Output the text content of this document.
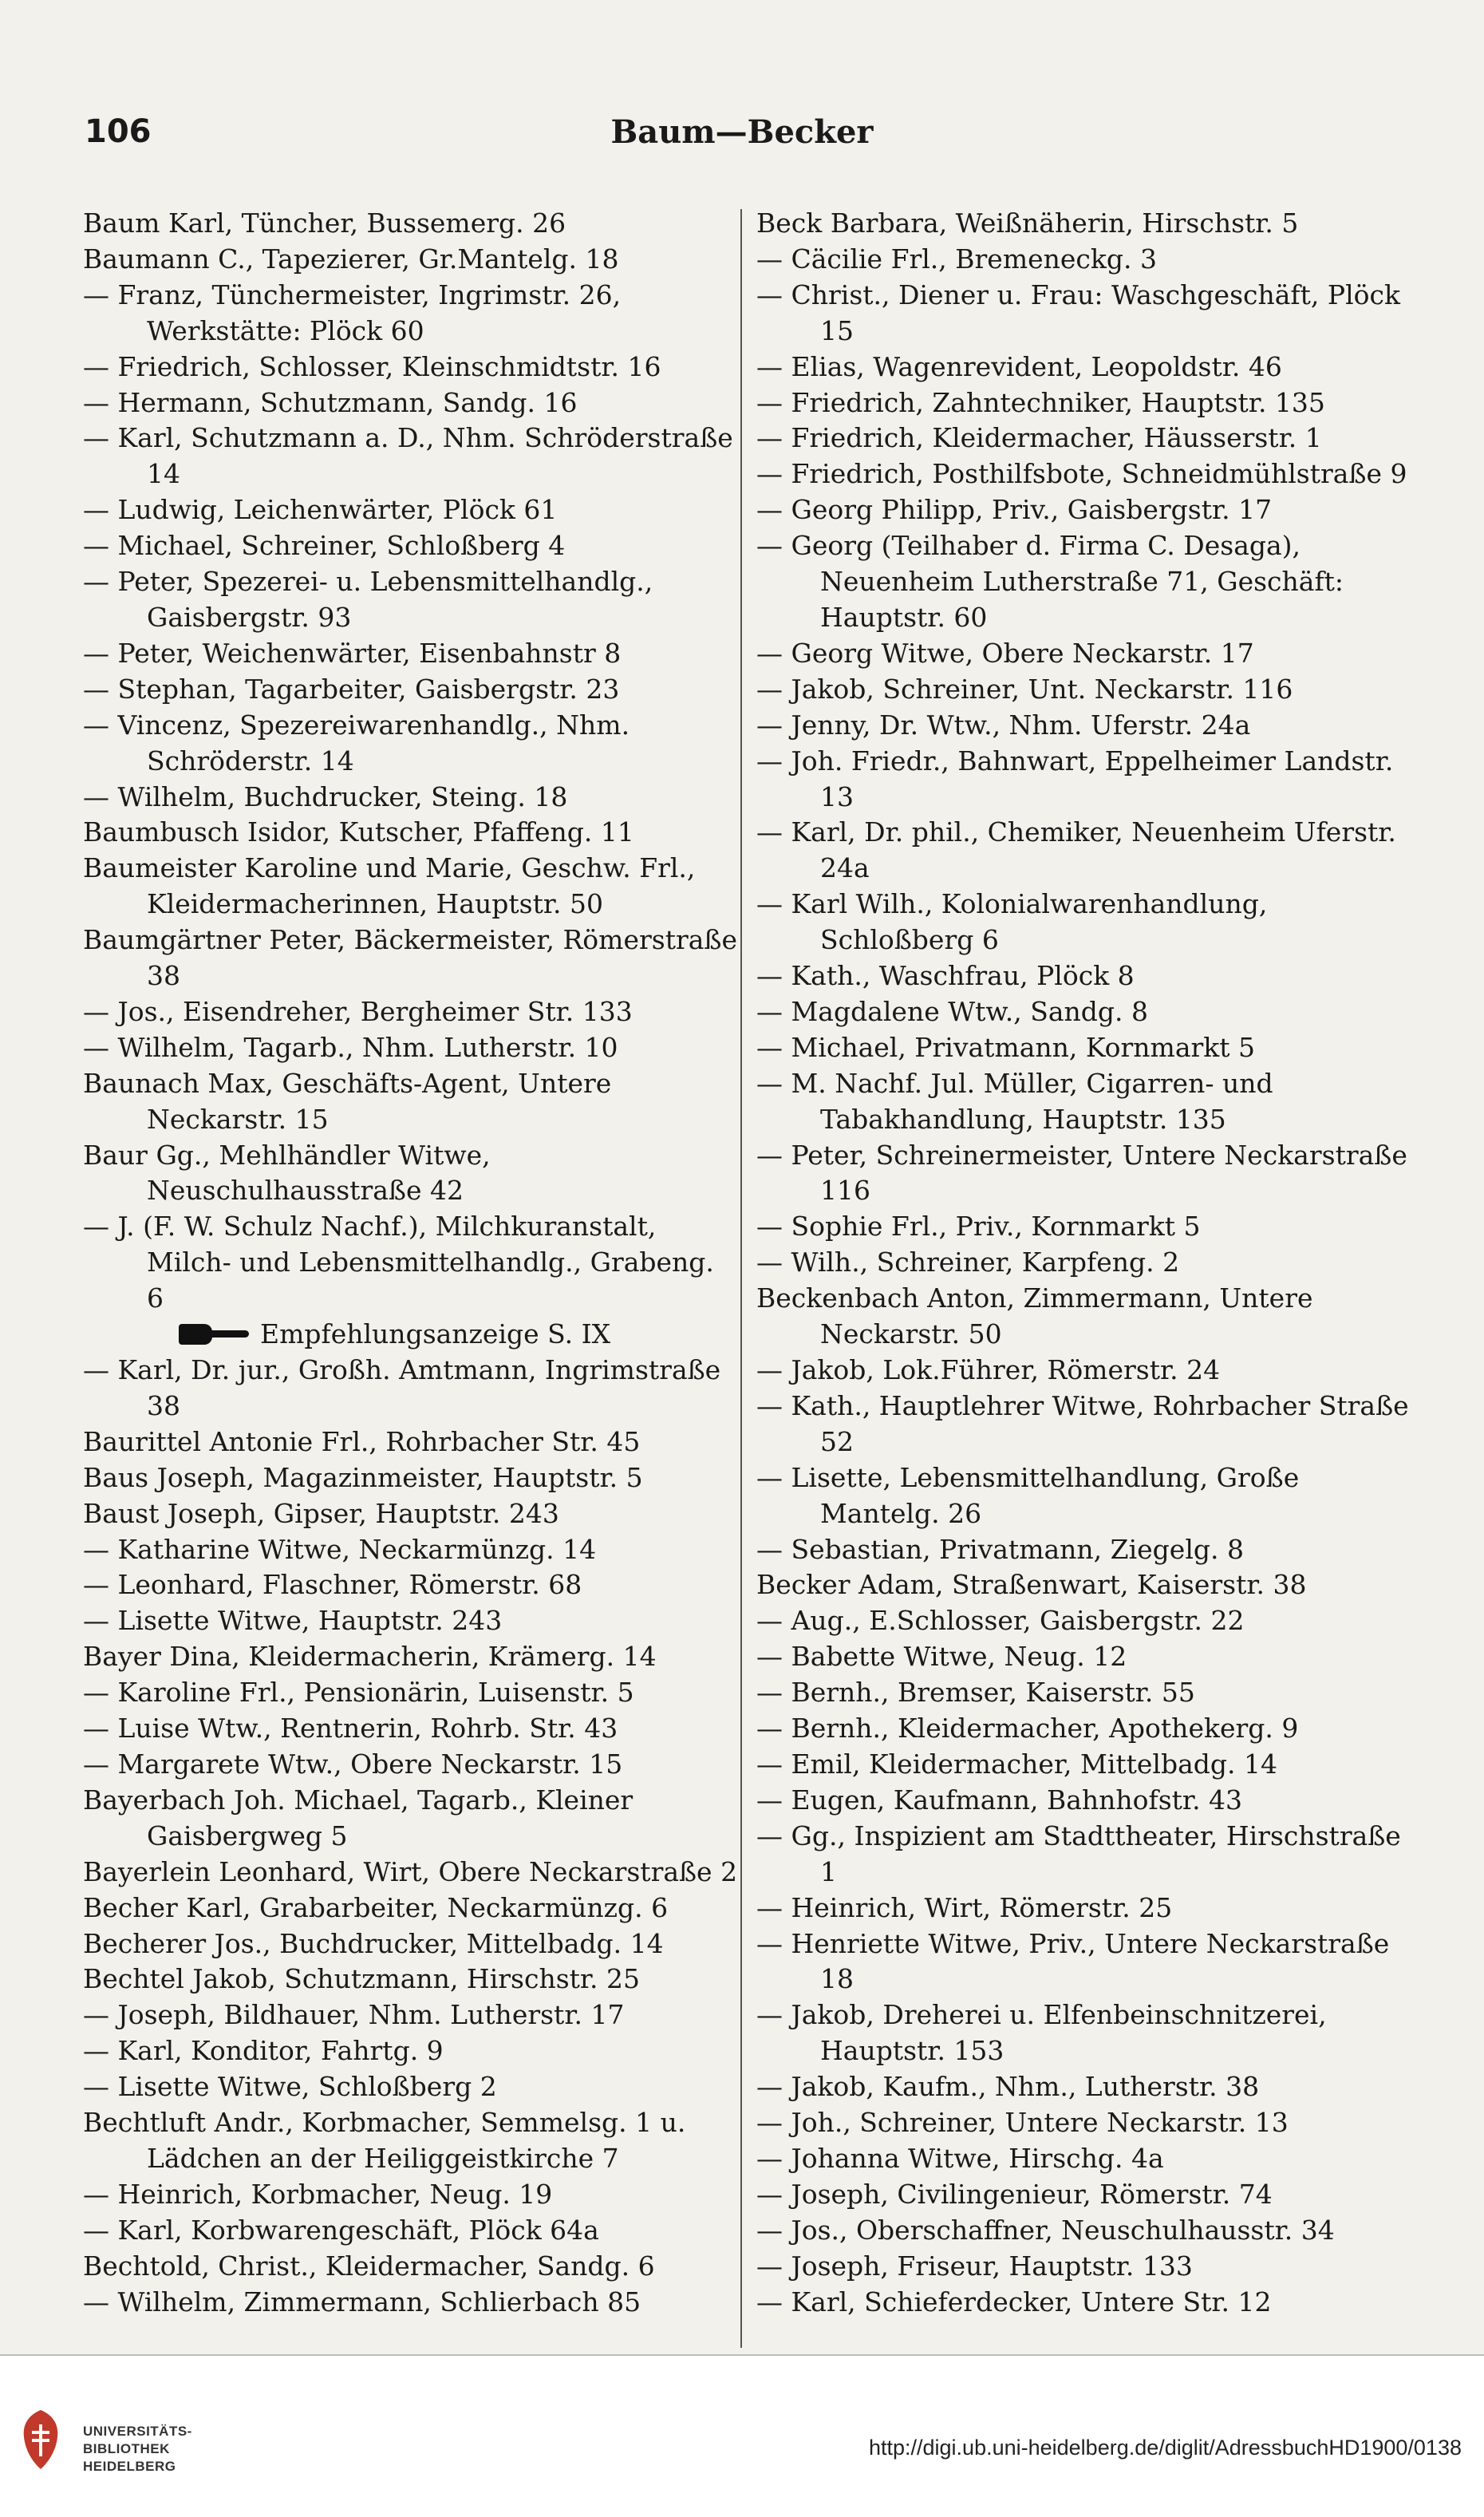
106	Baum—Becker

Baum Karl, Tüncher, Bussemerg. 26

Baumann C., Tapezierer, Gr.Mantelg. 18

— Franz, Tünchermeister, Ingrimstr. 26, Werkstätte: Plöck 60

— Friedrich, Schlosser, Kleinschmidtstr. 16

— Hermann, Schutzmann, Sandg. 16

— Karl, Schutzmann a. D., Nhm. Schröderstraße 14

— Ludwig, Leichenwärter, Plöck 61

— Michael, Schreiner, Schloßberg 4

— Peter, Spezerei- u. Lebensmittelhandlg., Gaisbergstr. 93

— Peter, Weichenwärter, Eisenbahnstr 8

— Stephan, Tagarbeiter, Gaisbergstr. 23

— Vincenz, Spezereiwarenhandlg., Nhm. Schröderstr. 14

— Wilhelm, Buchdrucker, Steing. 18

Baumbusch Isidor, Kutscher, Pfaffeng. 11

Baumeister Karoline und Marie, Geschw. Frl., Kleidermacherinnen, Hauptstr. 50

Baumgärtner Peter, Bäckermeister, Römerstraße 38

— Jos., Eisendreher, Bergheimer Str. 133

— Wilhelm, Tagarb., Nhm. Lutherstr. 10

Baunach Max, Geschäfts-Agent, Untere Neckarstr. 15

Baur Gg., Mehlhändler Witwe, Neuschulhausstraße 42

— J. (F. W. Schulz Nachf.), Milchkuranstalt, Milch- und Lebensmittelhandlg., Grabeng. 6

Empfehlungsanzeige S. IX

— Karl, Dr. jur., Großh. Amtmann, Ingrimstraße 38

Baurittel Antonie Frl., Rohrbacher Str. 45

Baus Joseph, Magazinmeister, Hauptstr. 5

Baust Joseph, Gipser, Hauptstr. 243

— Katharine Witwe, Neckarmünzg. 14

— Leonhard, Flaschner, Römerstr. 68

— Lisette Witwe, Hauptstr. 243

Bayer Dina, Kleidermacherin, Krämerg. 14

— Karoline Frl., Pensionärin, Luisenstr. 5

— Luise Wtw., Rentnerin, Rohrb. Str. 43

— Margarete Wtw., Obere Neckarstr. 15

Bayerbach Joh. Michael, Tagarb., Kleiner Gaisbergweg 5

Bayerlein Leonhard, Wirt, Obere Neckarstraße 2

Becher Karl, Grabarbeiter, Neckarmünzg. 6

Becherer Jos., Buchdrucker, Mittelbadg. 14

Bechtel Jakob, Schutzmann, Hirschstr. 25

— Joseph, Bildhauer, Nhm. Lutherstr. 17

— Karl, Konditor, Fahrtg. 9

— Lisette Witwe, Schloßberg 2

Bechtluft Andr., Korbmacher, Semmelsg. 1 u. Lädchen an der Heiliggeistkirche 7

— Heinrich, Korbmacher, Neug. 19

— Karl, Korbwarengeschäft, Plöck 64a

Bechtold, Christ., Kleidermacher, Sandg. 6

— Wilhelm, Zimmermann, Schlierbach 85

Beck Barbara, Weißnäherin, Hirschstr. 5

— Cäcilie Frl., Bremeneckg. 3

— Christ., Diener u. Frau: Waschgeschäft, Plöck 15

— Elias, Wagenrevident, Leopoldstr. 46

— Friedrich, Zahntechniker, Hauptstr. 135

— Friedrich, Kleidermacher, Häusserstr. 1

— Friedrich, Posthilfsbote, Schneidmühlstraße 9

— Georg Philipp, Priv., Gaisbergstr. 17

— Georg (Teilhaber d. Firma C. Desaga), Neuenheim Lutherstraße 71, Geschäft: Hauptstr. 60

— Georg Witwe, Obere Neckarstr. 17

— Jakob, Schreiner, Unt. Neckarstr. 116

— Jenny, Dr. Wtw., Nhm. Uferstr. 24a

— Joh. Friedr., Bahnwart, Eppelheimer Landstr. 13

— Karl, Dr. phil., Chemiker, Neuenheim Uferstr. 24a

— Karl Wilh., Kolonialwarenhandlung, Schloßberg 6

— Kath., Waschfrau, Plöck 8

— Magdalene Wtw., Sandg. 8

— Michael, Privatmann, Kornmarkt 5

— M. Nachf. Jul. Müller, Cigarren- und Tabakhandlung, Hauptstr. 135

— Peter, Schreinermeister, Untere Neckarstraße 116

— Sophie Frl., Priv., Kornmarkt 5

— Wilh., Schreiner, Karpfeng. 2

Beckenbach Anton, Zimmermann, Untere Neckarstr. 50

— Jakob, Lok.Führer, Römerstr. 24

— Kath., Hauptlehrer Witwe, Rohrbacher Straße 52

— Lisette, Lebensmittelhandlung, Große Mantelg. 26

— Sebastian, Privatmann, Ziegelg. 8

Becker Adam, Straßenwart, Kaiserstr. 38

— Aug., E.Schlosser, Gaisbergstr. 22

— Babette Witwe, Neug. 12

— Bernh., Bremser, Kaiserstr. 55

— Bernh., Kleidermacher, Apothekerg. 9

— Emil, Kleidermacher, Mittelbadg. 14

— Eugen, Kaufmann, Bahnhofstr. 43

— Gg., Inspizient am Stadttheater, Hirschstraße 1

— Heinrich, Wirt, Römerstr. 25

— Henriette Witwe, Priv., Untere Neckarstraße 18

— Jakob, Dreherei u. Elfenbeinschnitzerei, Hauptstr. 153

— Jakob, Kaufm., Nhm., Lutherstr. 38

— Joh., Schreiner, Untere Neckarstr. 13

— Johanna Witwe, Hirschg. 4a

— Joseph, Civilingenieur, Römerstr. 74

— Jos., Oberschaffner, Neuschulhausstr. 34

— Joseph, Friseur, Hauptstr. 133

— Karl, Schieferdecker, Untere Str. 12

UNIVERSITÄTS-
BIBLIOTHEK
HEIDELBERG
http://digi.ub.uni-heidelberg.de/diglit/AdressbuchHD1900/0138
